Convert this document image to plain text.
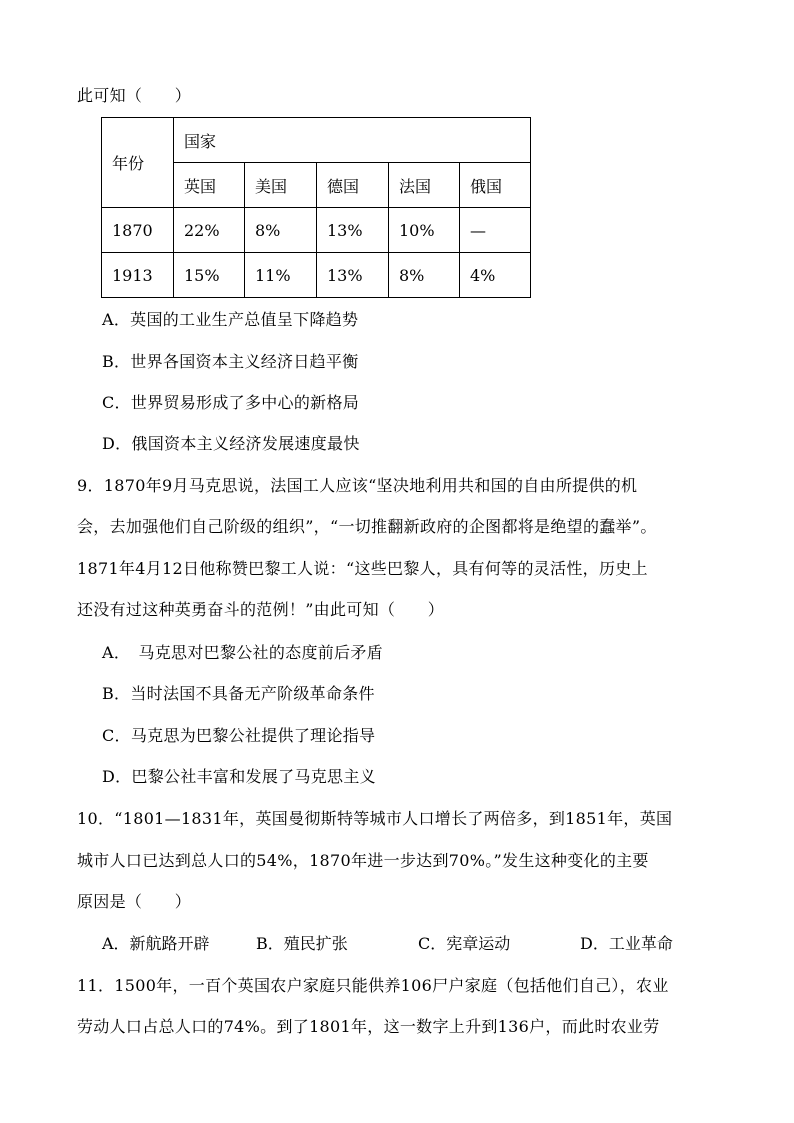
此可知（　　）
年份	国家				
	英国	美国	德国	法国	俄国
1870	22%	8%	13%	10%	—
1913	15%	11%	13%	8%	4%
A．英国的工业生产总值呈下降趋势
B．世界各国资本主义经济日趋平衡
C．世界贸易形成了多中心的新格局
D．俄国资本主义经济发展速度最快
9．1870年9月马克思说，法国工人应该“坚决地利用共和国的自由所提供的机
会，去加强他们自己阶级的组织”，“一切推翻新政府的企图都将是绝望的蠢举”。
1871年4月12日他称赞巴黎工人说：“这些巴黎人，具有何等的灵活性，历史上
还没有过这种英勇奋斗的范例！”由此可知（　　）
A．　马克思对巴黎公社的态度前后矛盾
B．当时法国不具备无产阶级革命条件
C．马克思为巴黎公社提供了理论指导
D．巴黎公社丰富和发展了马克思主义
10．“1801—1831年，英国曼彻斯特等城市人口增长了两倍多，到1851年，英国
城市人口已达到总人口的54%，1870年进一步达到70%。”发生这种变化的主要
原因是（　　）
A．新航路开辟	B．殖民扩张	C．宪章运动	D．工业革命
11．1500年，一百个英国农户家庭只能供养106尸户家庭（包括他们自己），农业
劳动人口占总人口的74%。到了1801年，这一数字上升到136户，而此时农业劳
